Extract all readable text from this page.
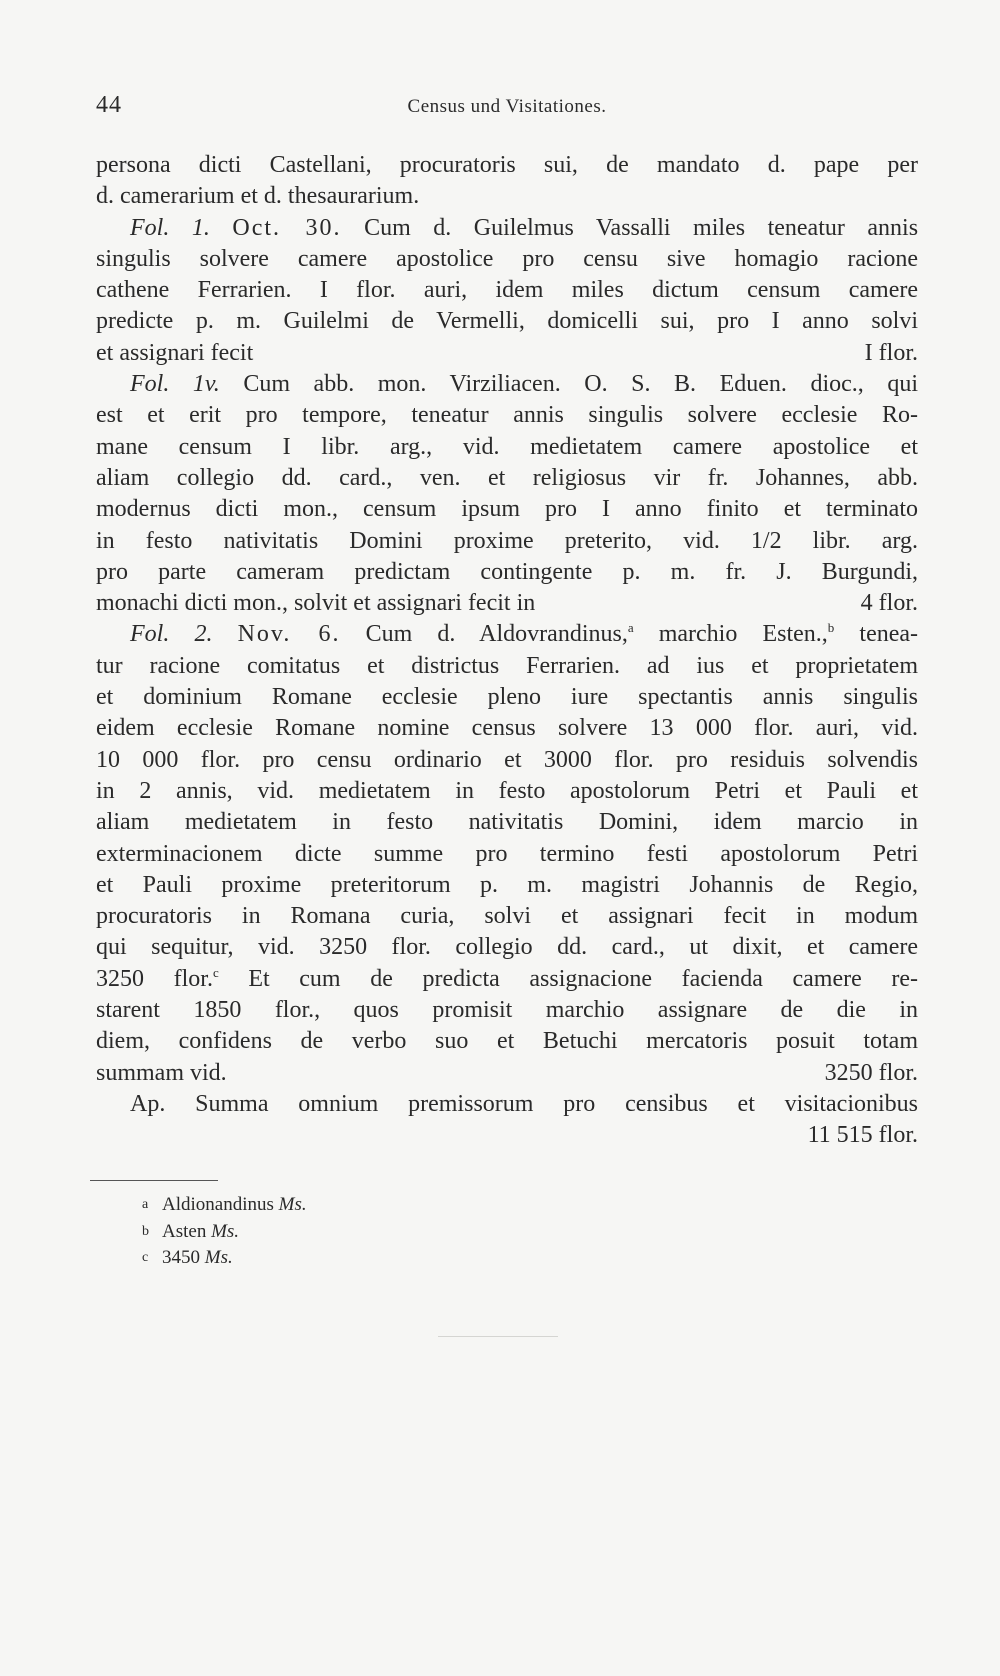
44	Census und Visitationes.
persona dicti Castellani, procuratoris sui, de mandato d. pape per
d. camerarium et d. thesaurarium.
Fol. 1. Oct. 30. Cum d. Guilelmus Vassalli miles teneatur annis
singulis solvere camere apostolice pro censu sive homagio racione
cathene Ferrarien. I flor. auri, idem miles dictum censum camere
predicte p. m. Guilelmi de Vermelli, domicelli sui, pro I anno solvi
et assignari fecit	I flor.
Fol. 1v. Cum abb. mon. Virziliacen. O. S. B. Eduen. dioc., qui
est et erit pro tempore, teneatur annis singulis solvere ecclesie Ro-
mane censum I libr. arg., vid. medietatem camere apostolice et
aliam collegio dd. card., ven. et religiosus vir fr. Johannes, abb.
modernus dicti mon., censum ipsum pro I anno finito et terminato
in festo nativitatis Domini proxime preterito, vid. 1/2 libr. arg.
pro parte cameram predictam contingente p. m. fr. J. Burgundi,
monachi dicti mon., solvit et assignari fecit in	4 flor.
Fol. 2. Nov. 6. Cum d. Aldovrandinus,$^a$ marchio Esten.,$^b$ tenea-
tur racione comitatus et districtus Ferrarien. ad ius et proprietatem
et dominium Romane ecclesie pleno iure spectantis annis singulis
eidem ecclesie Romane nomine census solvere 13 000 flor. auri, vid.
10 000 flor. pro censu ordinario et 3000 flor. pro residuis solvendis
in 2 annis, vid. medietatem in festo apostolorum Petri et Pauli et
aliam medietatem in festo nativitatis Domini, idem marcio in
exterminacionem dicte summe pro termino festi apostolorum Petri
et Pauli proxime preteritorum p. m. magistri Johannis de Regio,
procuratoris in Romana curia, solvi et assignari fecit in modum
qui sequitur, vid. 3250 flor. collegio dd. card., ut dixit, et camere
3250 flor.$^c$ Et cum de predicta assignacione facienda camere re-
starent 1850 flor., quos promisit marchio assignare de die in
diem, confidens de verbo suo et Betuchi mercatoris posuit totam
summam vid.	3250 flor.
Ap. Summa omnium premissorum pro censibus et visitacionibus
11 515 flor.
a Aldionandinus Ms.
b Asten Ms.
c 3450 Ms.
